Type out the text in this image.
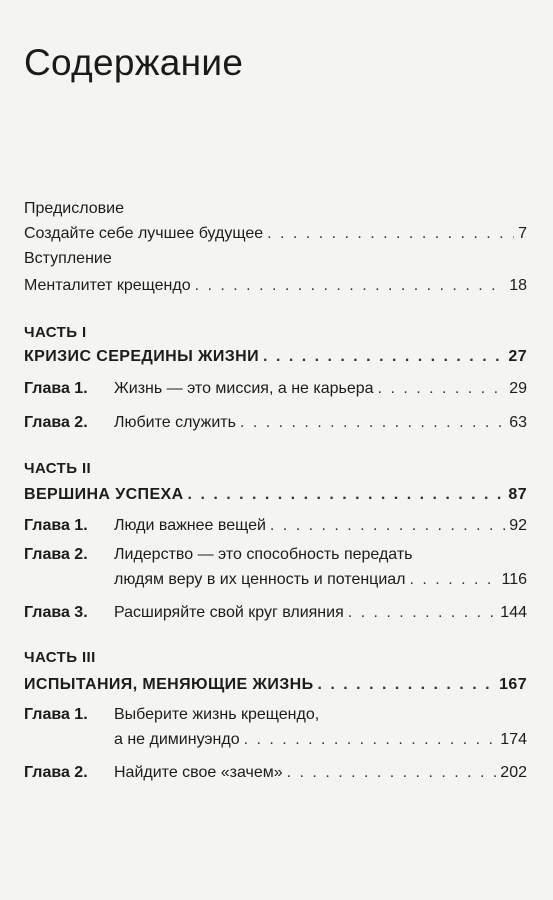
Содержание
Предисловие
Создайте себе лучшее будущее . . .	7
Вступление
Менталитет крещендо . . .	18
ЧАСТЬ I
КРИЗИС СЕРЕДИНЫ ЖИЗНИ . . .	27
Глава 1.	Жизнь — это миссия, а не карьера . . .	29
Глава 2.	Любите служить . . .	63
ЧАСТЬ II
ВЕРШИНА УСПЕХА . . .	87
Глава 1.	Люди важнее вещей . . .	92
Глава 2.	Лидерство — это способность передать
людям веру в их ценность и потенциал . . .	116
Глава 3.	Расширяйте свой круг влияния . . .	144
ЧАСТЬ III
ИСПЫТАНИЯ, МЕНЯЮЩИЕ ЖИЗНЬ . . .	167
Глава 1.	Выберите жизнь крещендо,
а не диминуэндо . . .	174
Глава 2.	Найдите свое «зачем» . . .	202
